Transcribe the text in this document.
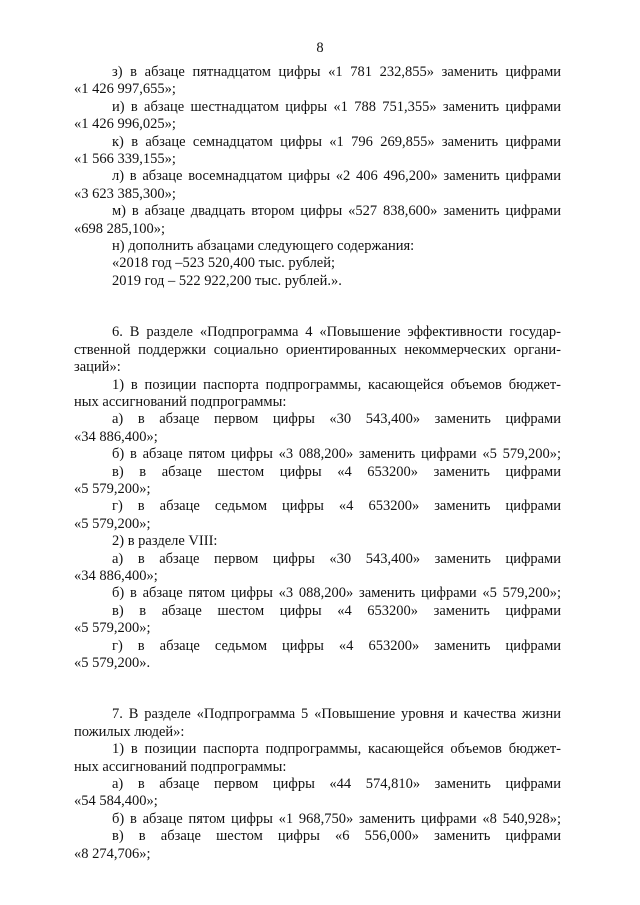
8
з) в абзаце пятнадцатом цифры «1 781 232,855» заменить цифрами
«1 426 997,655»;
и) в абзаце шестнадцатом цифры «1 788 751,355» заменить цифрами
«1 426 996,025»;
к) в абзаце семнадцатом цифры «1 796 269,855» заменить цифрами
«1 566 339,155»;
л) в абзаце восемнадцатом цифры «2 406 496,200» заменить цифрами
«3 623 385,300»;
м) в абзаце двадцать втором цифры «527 838,600» заменить цифрами
«698 285,100»;
н) дополнить абзацами следующего содержания:
«2018 год –523 520,400 тыс. рублей;
2019 год – 522 922,200 тыс. рублей.».
6. В разделе «Подпрограмма 4 «Повышение эффективности государ-
ственной поддержки социально ориентированных некоммерческих органи-
заций»:
1) в позиции паспорта подпрограммы, касающейся объемов бюджет-
ных ассигнований подпрограммы:
а) в абзаце первом цифры «30 543,400» заменить цифрами
«34 886,400»;
б) в абзаце пятом цифры «3 088,200» заменить цифрами «5 579,200»;
в) в абзаце шестом цифры «4 653200» заменить цифрами
«5 579,200»;
г) в абзаце седьмом цифры «4 653200» заменить цифрами
«5 579,200»;
2) в разделе VIII:
а) в абзаце первом цифры «30 543,400» заменить цифрами
«34 886,400»;
б) в абзаце пятом цифры «3 088,200» заменить цифрами «5 579,200»;
в) в абзаце шестом цифры «4 653200» заменить цифрами
«5 579,200»;
г) в абзаце седьмом цифры «4 653200» заменить цифрами
«5 579,200».
7. В разделе «Подпрограмма 5 «Повышение уровня и качества жизни
пожилых людей»:
1) в позиции паспорта подпрограммы, касающейся объемов бюджет-
ных ассигнований подпрограммы:
а) в абзаце первом цифры «44 574,810» заменить цифрами
«54 584,400»;
б) в абзаце пятом цифры «1 968,750» заменить цифрами «8 540,928»;
в) в абзаце шестом цифры «6 556,000» заменить цифрами
«8 274,706»;
